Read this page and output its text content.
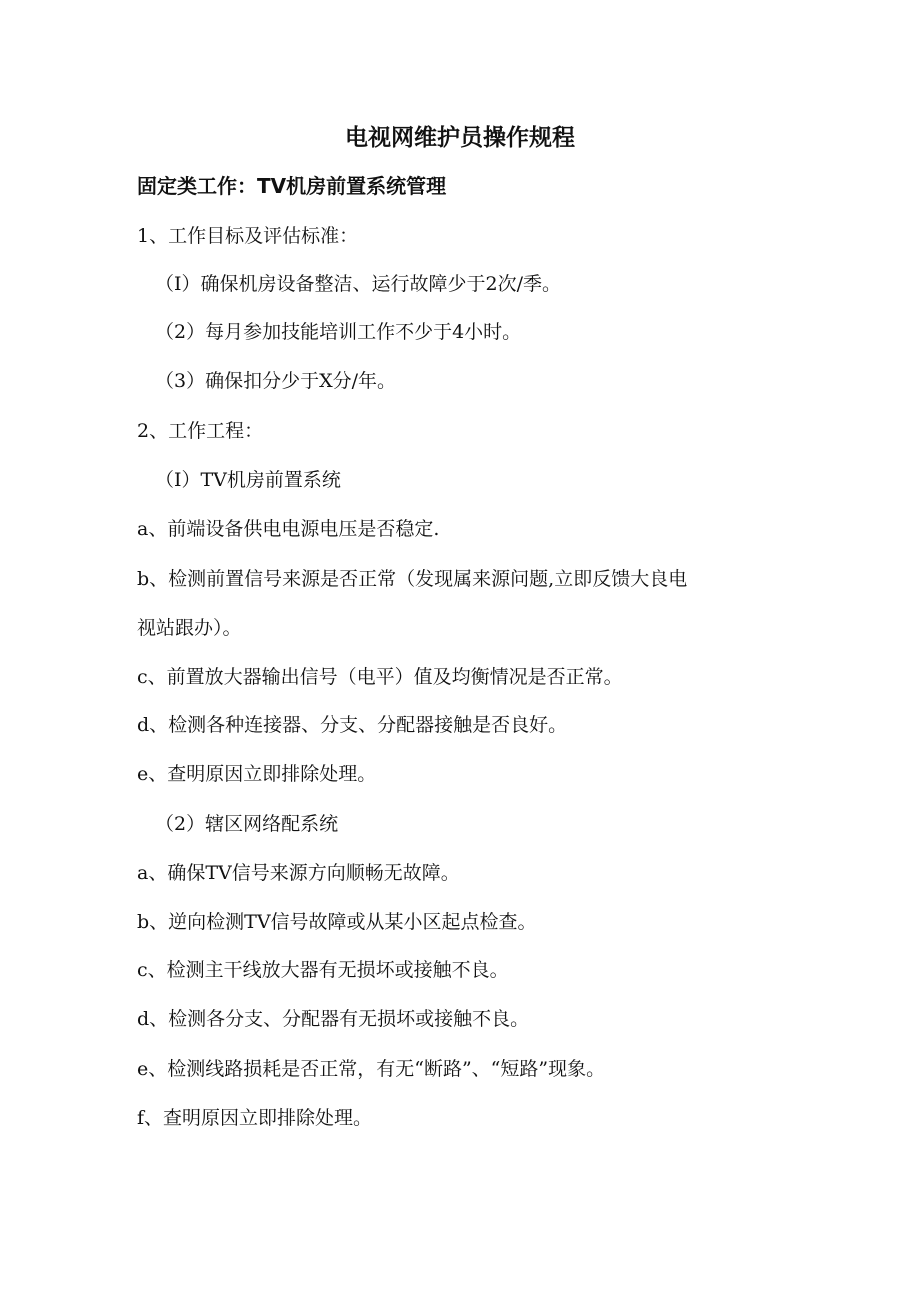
电视网维护员操作规程
固定类工作：TV机房前置系统管理

1、工作目标及评估标准：

（I）确保机房设备整洁、运行故障少于2次/季。

（2）每月参加技能培训工作不少于4小时。

（3）确保扣分少于X分/年。

2、工作工程：

（I）TV机房前置系统

a、前端设备供电电源电压是否稳定.

b、检测前置信号来源是否正常（发现属来源问题,立即反馈大良电

视站跟办）。

c、前置放大器输出信号（电平）值及均衡情况是否正常。

d、检测各种连接器、分支、分配器接触是否良好。

e、查明原因立即排除处理。

（2）辖区网络配系统

a、确保TV信号来源方向顺畅无故障。

b、逆向检测TV信号故障或从某小区起点检查。

c、检测主干线放大器有无损坏或接触不良。

d、检测各分支、分配器有无损坏或接触不良。

e、检测线路损耗是否正常，有无“断路”、“短路”现象。

f、查明原因立即排除处理。
